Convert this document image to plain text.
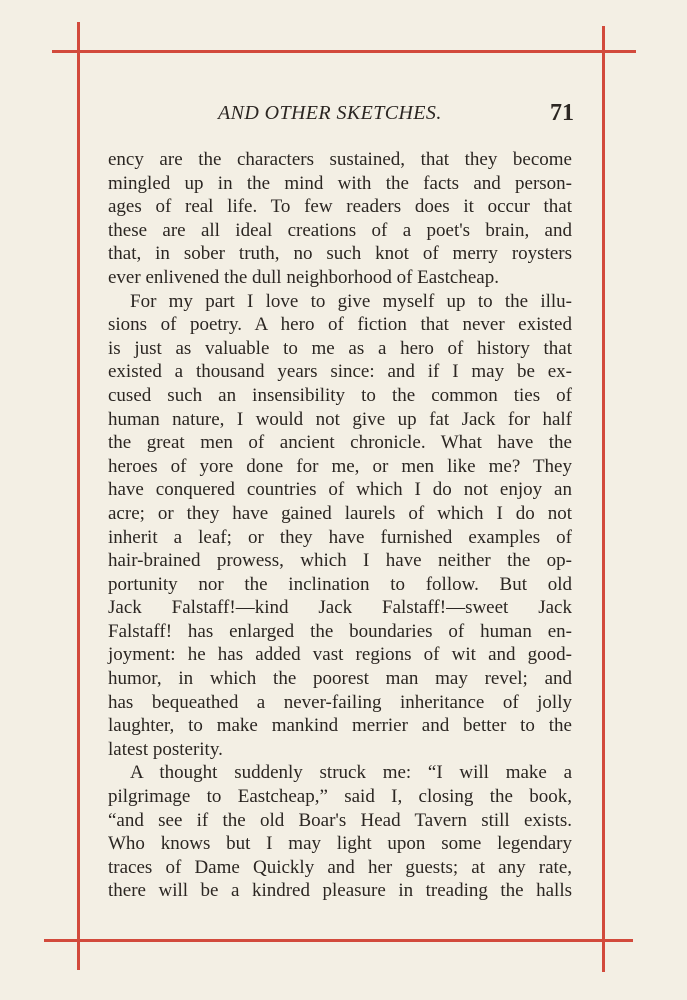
AND OTHER SKETCHES.	71
ency are the characters sustained, that they become
mingled up in the mind with the facts and person-
ages of real life. To few readers does it occur that
these are all ideal creations of a poet's brain, and
that, in sober truth, no such knot of merry roysters
ever enlivened the dull neighborhood of Eastcheap.
For my part I love to give myself up to the illu-
sions of poetry. A hero of fiction that never existed
is just as valuable to me as a hero of history that
existed a thousand years since: and if I may be ex-
cused such an insensibility to the common ties of
human nature, I would not give up fat Jack for half
the great men of ancient chronicle. What have the
heroes of yore done for me, or men like me? They
have conquered countries of which I do not enjoy an
acre; or they have gained laurels of which I do not
inherit a leaf; or they have furnished examples of
hair-brained prowess, which I have neither the op-
portunity nor the inclination to follow. But old
Jack Falstaff!—kind Jack Falstaff!—sweet Jack
Falstaff! has enlarged the boundaries of human en-
joyment: he has added vast regions of wit and good-
humor, in which the poorest man may revel; and
has bequeathed a never-failing inheritance of jolly
laughter, to make mankind merrier and better to the
latest posterity.
A thought suddenly struck me: “I will make a
pilgrimage to Eastcheap,” said I, closing the book,
“and see if the old Boar's Head Tavern still exists.
Who knows but I may light upon some legendary
traces of Dame Quickly and her guests; at any rate,
there will be a kindred pleasure in treading the halls
